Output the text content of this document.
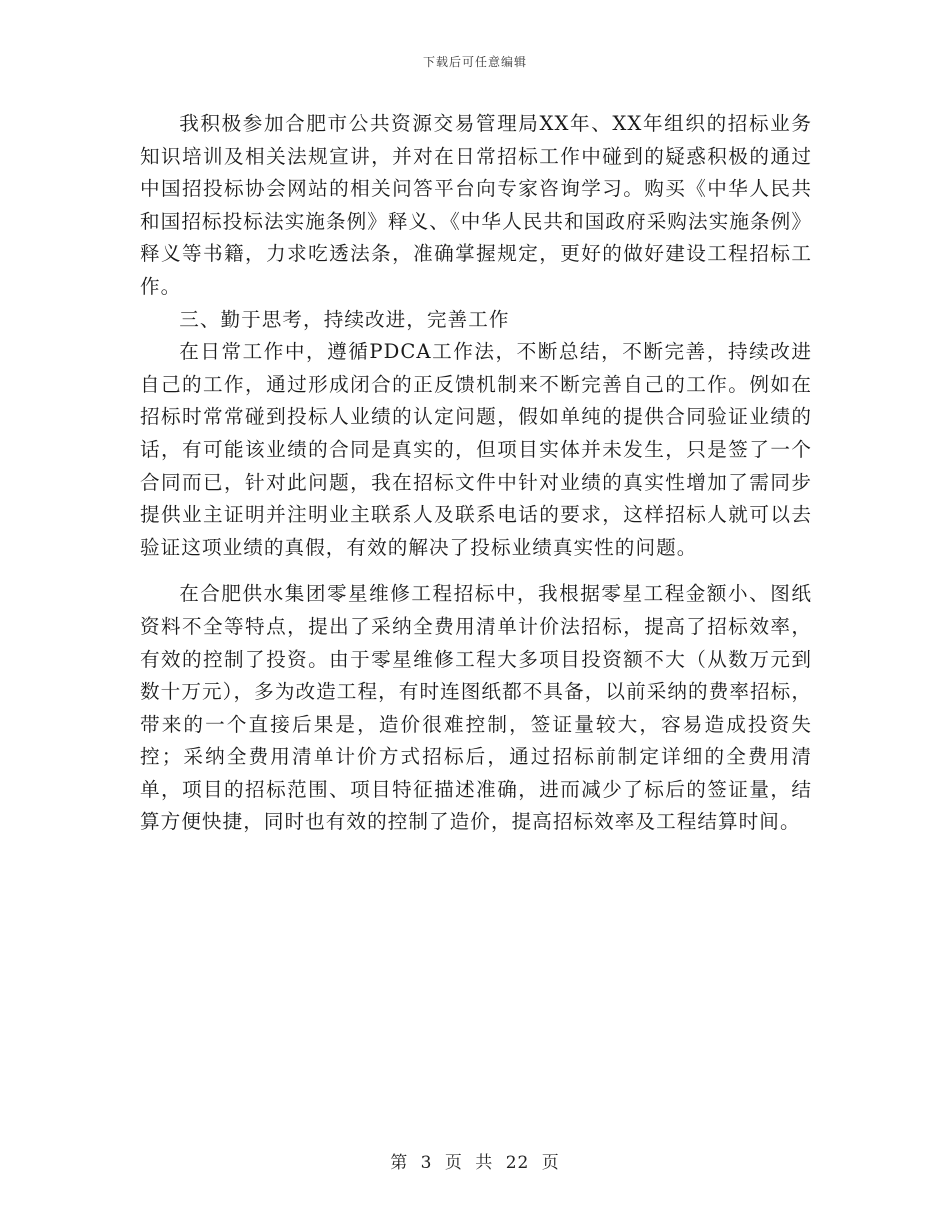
下载后可任意编辑

我积极参加合肥市公共资源交易管理局XX年、XX年组织的招标业务知识培训及相关法规宣讲，并对在日常招标工作中碰到的疑惑积极的通过中国招投标协会网站的相关问答平台向专家咨询学习。购买《中华人民共和国招标投标法实施条例》释义、《中华人民共和国政府采购法实施条例》释义等书籍，力求吃透法条，准确掌握规定，更好的做好建设工程招标工作。

三、勤于思考，持续改进，完善工作

在日常工作中，遵循PDCA工作法，不断总结，不断完善，持续改进自己的工作，通过形成闭合的正反馈机制来不断完善自己的工作。例如在招标时常常碰到投标人业绩的认定问题，假如单纯的提供合同验证业绩的话，有可能该业绩的合同是真实的，但项目实体并未发生，只是签了一个合同而已，针对此问题，我在招标文件中针对业绩的真实性增加了需同步提供业主证明并注明业主联系人及联系电话的要求，这样招标人就可以去验证这项业绩的真假，有效的解决了投标业绩真实性的问题。

在合肥供水集团零星维修工程招标中，我根据零星工程金额小、图纸资料不全等特点，提出了采纳全费用清单计价法招标，提高了招标效率，有效的控制了投资。由于零星维修工程大多项目投资额不大（从数万元到数十万元），多为改造工程，有时连图纸都不具备，以前采纳的费率招标，带来的一个直接后果是，造价很难控制，签证量较大，容易造成投资失控；采纳全费用清单计价方式招标后，通过招标前制定详细的全费用清单，项目的招标范围、项目特征描述准确，进而减少了标后的签证量，结算方便快捷，同时也有效的控制了造价，提高招标效率及工程结算时间。

第 3 页 共 22 页
